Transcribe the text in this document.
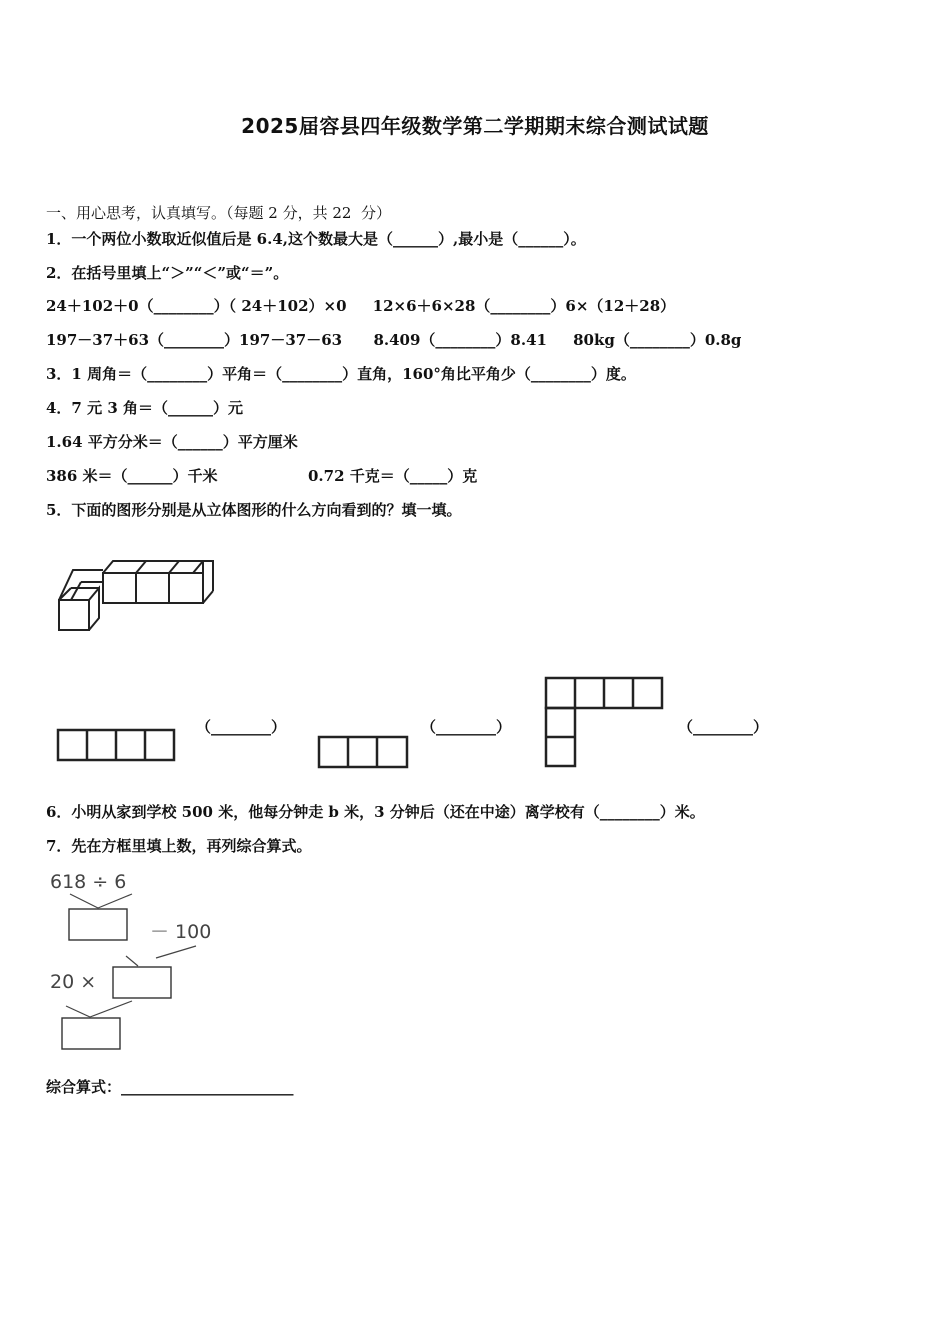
2025届容县四年级数学第二学期期末综合测试试题
一、用心思考，认真填写。（每题 2 分，共 22  分）
1．一个两位小数取近似值后是 6.4,这个数最大是（______）,最小是（______）。
2．在括号里填上“＞”“＜”或“＝”。
24＋102＋0（________）（ 24＋102）×0     12×6＋6×28（________）6×（12＋28）
197－37＋63（________）197－37－63      8.409（________）8.41     80kg（________）0.8g
3．1 周角＝（________）平角＝（________）直角，160°角比平角少（________）度。
4．7 元 3 角＝（______）元
1.64 平方分米＝（______）平方厘米
386 米＝（______）千米	0.72 千克＝（_____）克
5．下面的图形分别是从立体图形的什么方向看到的？填一填。
（________）	（________）	（________）
6．小明从家到学校 500 米，他每分钟走 b 米，3 分钟后（还在中途）离学校有（________）米。
7．先在方框里填上数，再列综合算式。
618 ÷ 6
－ 100
20 ×
综合算式：_______________________
